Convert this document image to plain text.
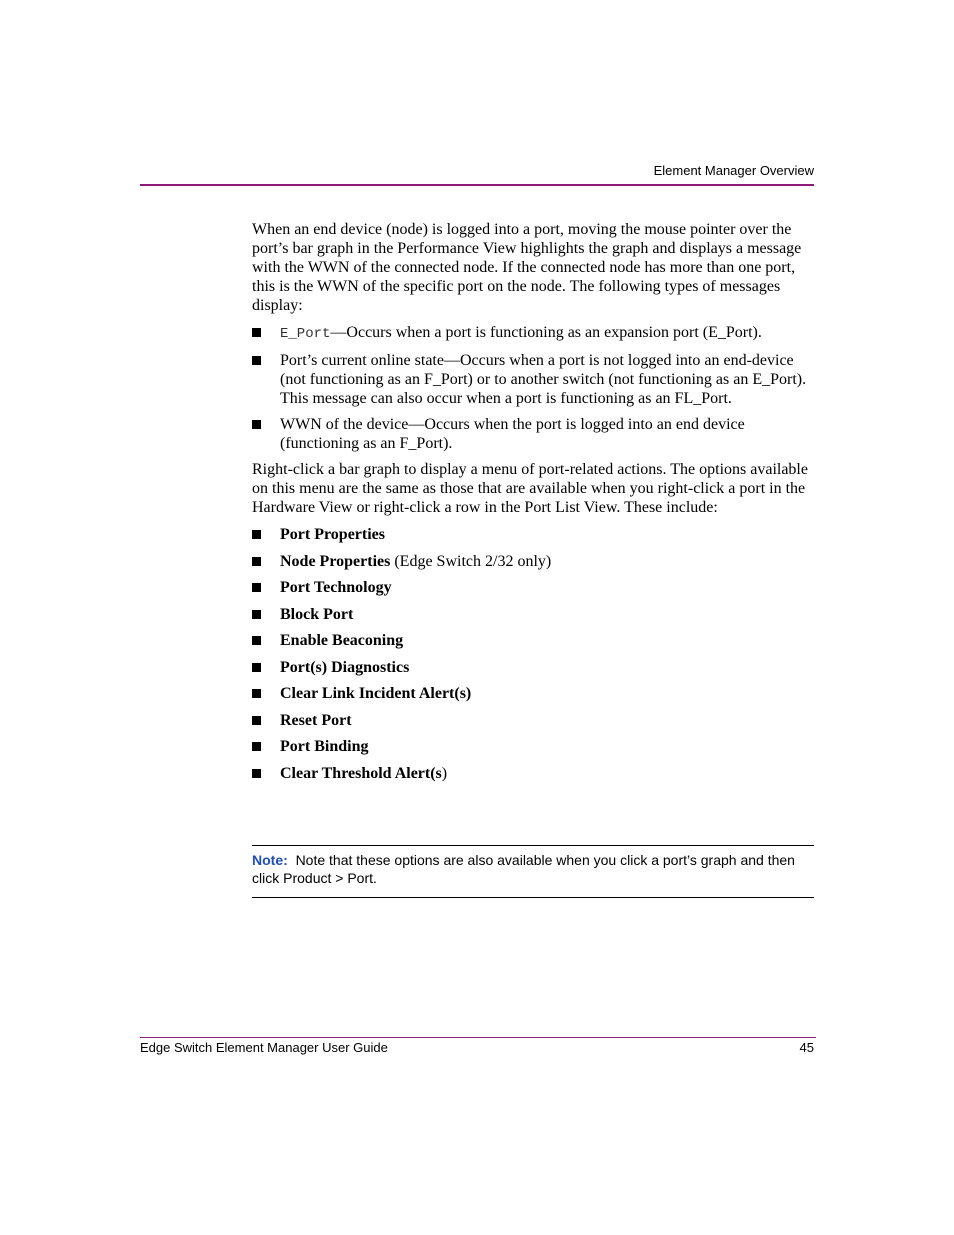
Element Manager Overview

When an end device (node) is logged into a port, moving the mouse pointer over the port’s bar graph in the Performance View highlights the graph and displays a message with the WWN of the connected node. If the connected node has more than one port, this is the WWN of the specific port on the node. The following types of messages display:

E_Port—Occurs when a port is functioning as an expansion port (E_Port).
Port’s current online state—Occurs when a port is not logged into an end-device (not functioning as an F_Port) or to another switch (not functioning as an E_Port). This message can also occur when a port is functioning as an FL_Port.
WWN of the device—Occurs when the port is logged into an end device (functioning as an F_Port).

Right-click a bar graph to display a menu of port-related actions. The options available on this menu are the same as those that are available when you right-click a port in the Hardware View or right-click a row in the Port List View. These include:

Port Properties
Node Properties (Edge Switch 2/32 only)
Port Technology
Block Port
Enable Beaconing
Port(s) Diagnostics
Clear Link Incident Alert(s)
Reset Port
Port Binding
Clear Threshold Alert(s)
Note: Note that these options are also available when you click a port’s graph and then click Product > Port.
Edge Switch Element Manager User Guide	45
